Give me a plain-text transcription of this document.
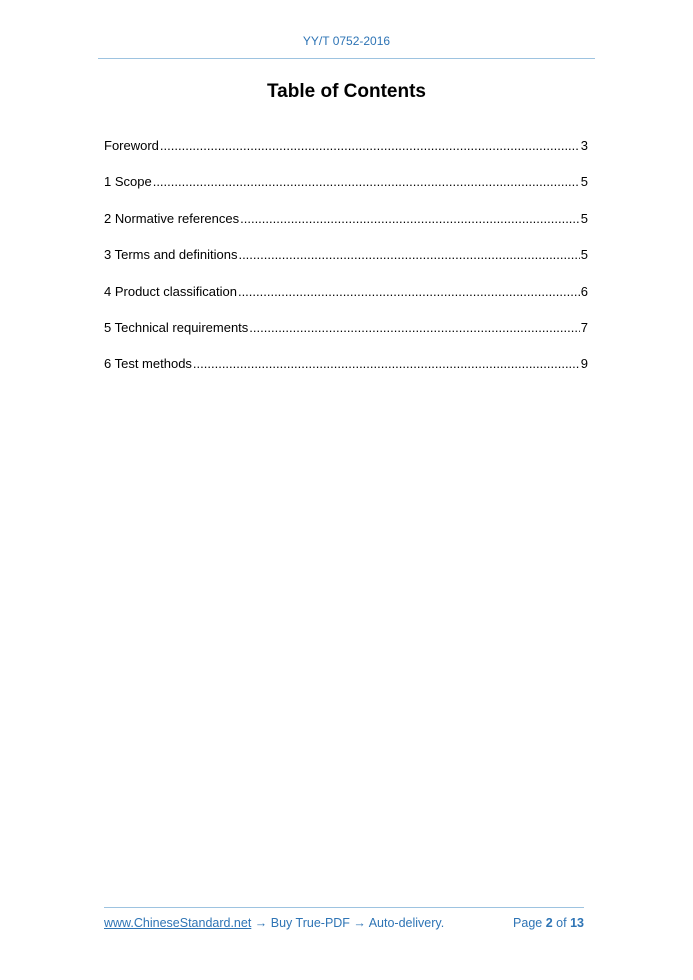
YY/T 0752-2016
Table of Contents
Foreword .....	3
1 Scope .....	5
2 Normative references .....	5
3 Terms and definitions .....	5
4 Product classification .....	6
5 Technical requirements .....	7
6 Test methods .....	9
www.ChineseStandard.net → Buy True-PDF → Auto-delivery.	Page 2 of 13
